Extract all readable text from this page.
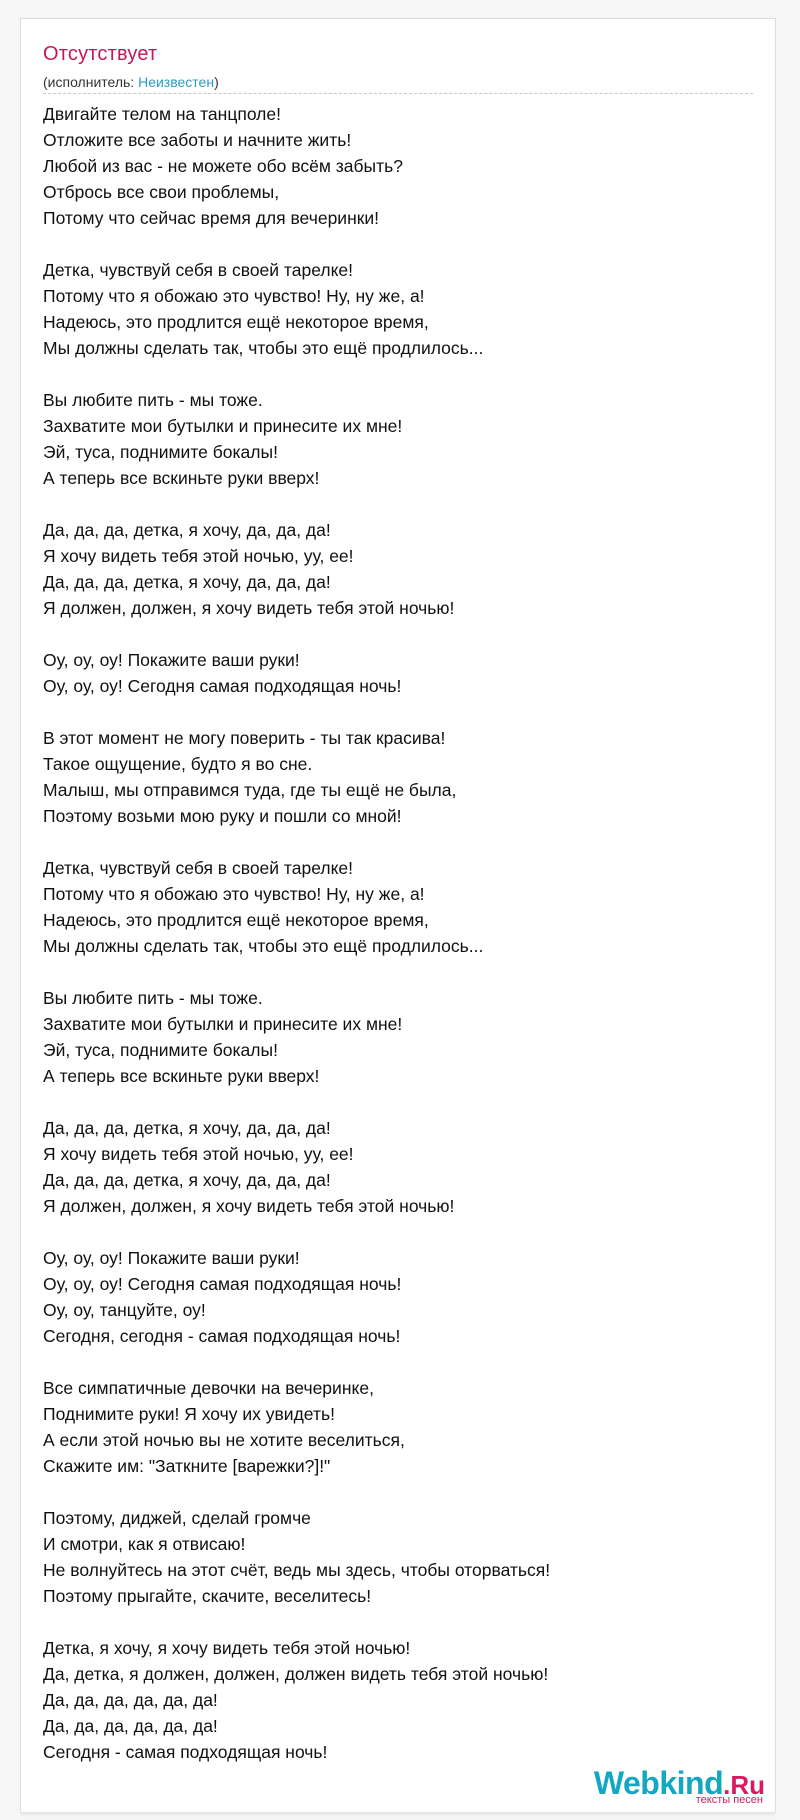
Отсутствует
(исполнитель: Неизвестен)
Двигайте телом на танцполе!
Отложите все заботы и начните жить!
Любой из вас - не можете обо всём забыть?
Отбрось все свои проблемы,
Потому что сейчас время для вечеринки!
Детка, чувствуй себя в своей тарелке!
Потому что я обожаю это чувство! Ну, ну же, а!
Надеюсь, это продлится ещё некоторое время,
Мы должны сделать так, чтобы это ещё продлилось...
Вы любите пить - мы тоже.
Захватите мои бутылки и принесите их мне!
Эй, туса, поднимите бокалы!
А теперь все вскиньте руки вверх!
Да, да, да, детка, я хочу, да, да, да!
Я хочу видеть тебя этой ночью, уу, ее!
Да, да, да, детка, я хочу, да, да, да!
Я должен, должен, я хочу видеть тебя этой ночью!
Оу, оу, оу! Покажите ваши руки!
Оу, оу, оу! Сегодня самая подходящая ночь!
В этот момент не могу поверить - ты так красива!
Такое ощущение, будто я во сне.
Малыш, мы отправимся туда, где ты ещё не была,
Поэтому возьми мою руку и пошли со мной!
Детка, чувствуй себя в своей тарелке!
Потому что я обожаю это чувство! Ну, ну же, а!
Надеюсь, это продлится ещё некоторое время,
Мы должны сделать так, чтобы это ещё продлилось...
Вы любите пить - мы тоже.
Захватите мои бутылки и принесите их мне!
Эй, туса, поднимите бокалы!
А теперь все вскиньте руки вверх!
Да, да, да, детка, я хочу, да, да, да!
Я хочу видеть тебя этой ночью, уу, ее!
Да, да, да, детка, я хочу, да, да, да!
Я должен, должен, я хочу видеть тебя этой ночью!
Оу, оу, оу! Покажите ваши руки!
Оу, оу, оу! Сегодня самая подходящая ночь!
Оу, оу, танцуйте, оу!
Сегодня, сегодня - самая подходящая ночь!
Все симпатичные девочки на вечеринке,
Поднимите руки! Я хочу их увидеть!
А если этой ночью вы не хотите веселиться,
Скажите им: "Заткните [варежки?]!"
Поэтому, диджей, сделай громче
И смотри, как я отвисаю!
Не волнуйтесь на этот счёт, ведь мы здесь, чтобы оторваться!
Поэтому прыгайте, скачите, веселитесь!
Детка, я хочу, я хочу видеть тебя этой ночью!
Да, детка, я должен, должен, должен видеть тебя этой ночью!
Да, да, да, да, да, да!
Да, да, да, да, да, да!
Сегодня - самая подходящая ночь!
Webkind.Ru
тексты песен
